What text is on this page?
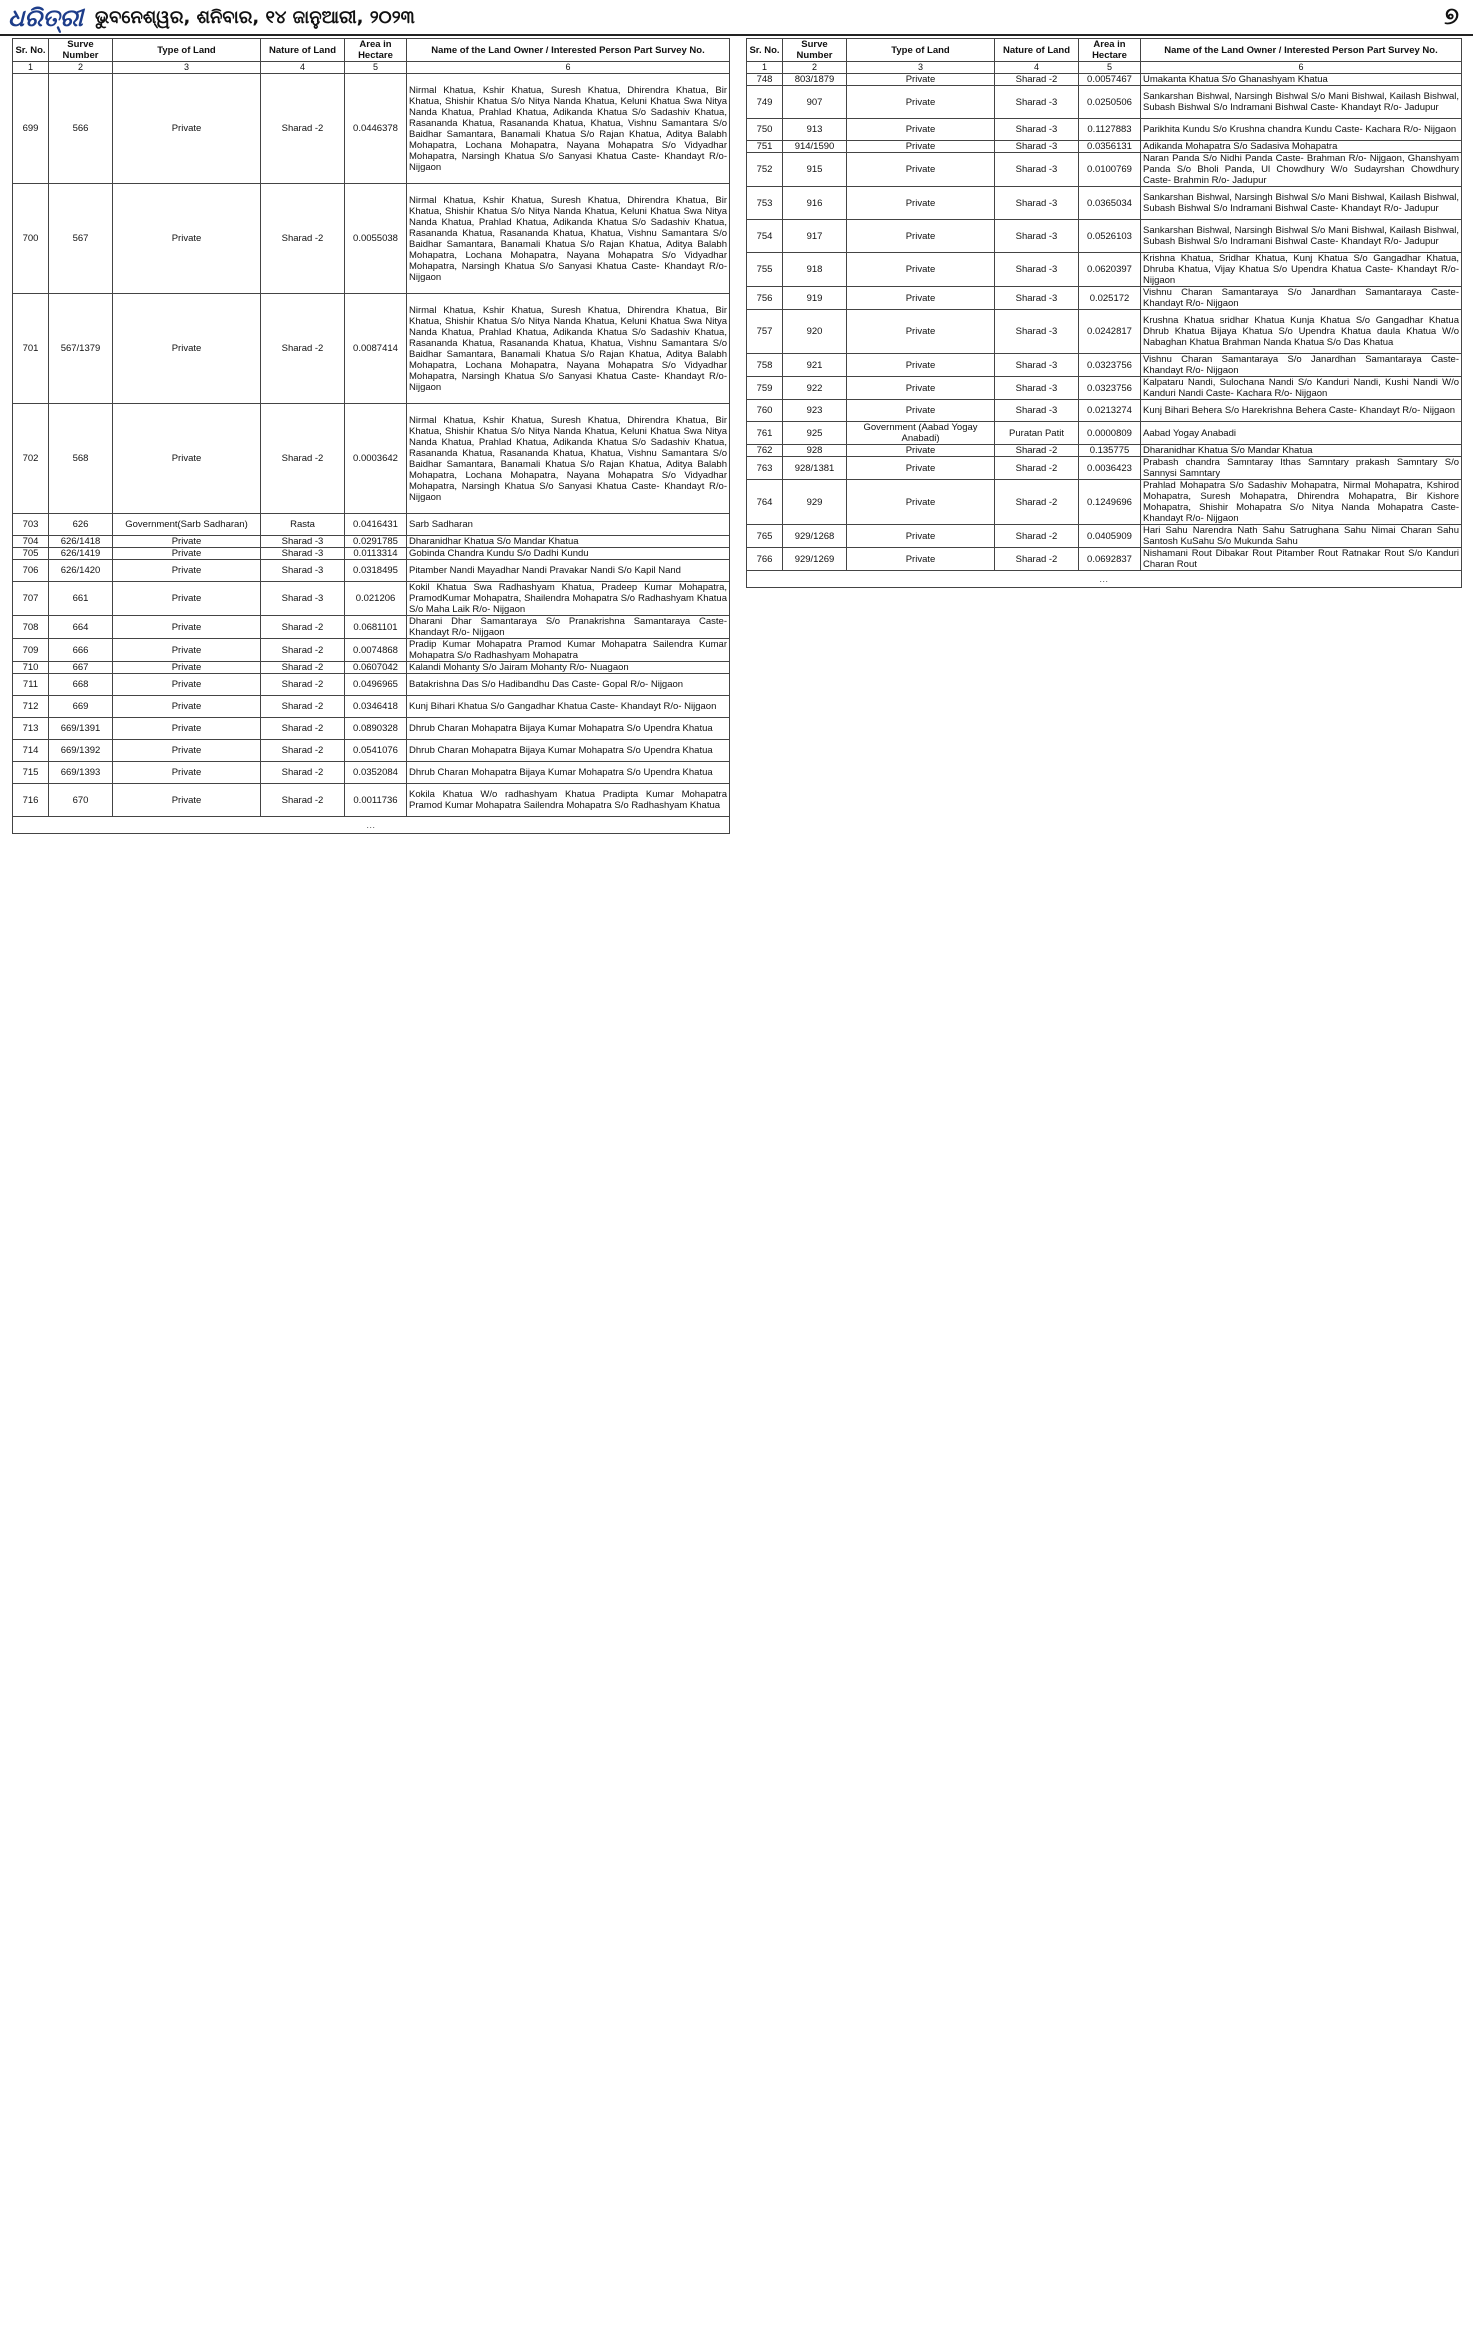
ଧରିତ୍ରୀ ଭୁବନେଶ୍ୱର, ଶନିବାର, ୧୪ ଜାନୁଆରୀ, ୨୦୨୩	୭
Sr. No.	Surve Number	Type of Land	Nature of Land	Area in Hectare	Name of the Land Owner / Interested Person Part Survey No.
1	2	3	4	5	6
699	566	Private	Sharad -2	0.0446378	Nirmal Khatua, Kshir Khatua, Suresh Khatua, Dhirendra Khatua, Bir Khatua, Shishir Khatua S/o Nitya Nanda Khatua, Keluni Khatua Swa Nitya Nanda Khatua, Prahlad Khatua, Adikanda Khatua S/o Sadashiv Khatua, Rasananda Khatua, Rasananda Khatua, Khatua, Vishnu Samantara S/o Baidhar Samantara, Banamali Khatua S/o Rajan Khatua, Aditya Balabh Mohapatra, Lochana Mohapatra, Nayana Mohapatra S/o Vidyadhar Mohapatra, Narsingh Khatua S/o Sanyasi Khatua Caste- Khandayt R/o- Nijgaon
700	567	Private	Sharad -2	0.0055038	Nirmal Khatua, Kshir Khatua, Suresh Khatua, Dhirendra Khatua, Bir Khatua, Shishir Khatua S/o Nitya Nanda Khatua, Keluni Khatua Swa Nitya Nanda Khatua, Prahlad Khatua, Adikanda Khatua S/o Sadashiv Khatua, Rasananda Khatua, Rasananda Khatua, Khatua, Vishnu Samantara S/o Baidhar Samantara, Banamali Khatua S/o Rajan Khatua, Aditya Balabh Mohapatra, Lochana Mohapatra, Nayana Mohapatra S/o Vidyadhar Mohapatra, Narsingh Khatua S/o Sanyasi Khatua Caste- Khandayt R/o- Nijgaon
701	567/1379	Private	Sharad -2	0.0087414	Nirmal Khatua, Kshir Khatua, Suresh Khatua, Dhirendra Khatua, Bir Khatua, Shishir Khatua S/o Nitya Nanda Khatua, Keluni Khatua Swa Nitya Nanda Khatua, Prahlad Khatua, Adikanda Khatua S/o Sadashiv Khatua, Rasananda Khatua, Rasananda Khatua, Khatua, Vishnu Samantara S/o Baidhar Samantara, Banamali Khatua S/o Rajan Khatua, Aditya Balabh Mohapatra, Lochana Mohapatra, Nayana Mohapatra S/o Vidyadhar Mohapatra, Narsingh Khatua S/o Sanyasi Khatua Caste- Khandayt R/o- Nijgaon
702	568	Private	Sharad -2	0.0003642	Nirmal Khatua, Kshir Khatua, Suresh Khatua, Dhirendra Khatua, Bir Khatua, Shishir Khatua S/o Nitya Nanda Khatua, Keluni Khatua Swa Nitya Nanda Khatua, Prahlad Khatua, Adikanda Khatua S/o Sadashiv Khatua, Rasananda Khatua, Rasananda Khatua, Khatua, Vishnu Samantara S/o Baidhar Samantara, Banamali Khatua S/o Rajan Khatua, Aditya Balabh Mohapatra, Lochana Mohapatra, Nayana Mohapatra S/o Vidyadhar Mohapatra, Narsingh Khatua S/o Sanyasi Khatua Caste- Khandayt R/o- Nijgaon
703	626	Government(Sarb Sadharan)	Rasta	0.0416431	Sarb Sadharan
704	626/1418	Private	Sharad -3	0.0291785	Dharanidhar Khatua S/o Mandar Khatua
705	626/1419	Private	Sharad -3	0.0113314	Gobinda Chandra Kundu S/o Dadhi Kundu
706	626/1420	Private	Sharad -3	0.0318495	Pitamber Nandi Mayadhar Nandi Pravakar Nandi S/o Kapil Nand
707	661	Private	Sharad -3	0.021206	Kokil Khatua Swa Radhashyam Khatua, Pradeep Kumar Mohapatra, PramodKumar Mohapatra, Shailendra Mohapatra S/o Radhashyam Khatua S/o Maha Laik R/o- Nijgaon
708	664	Private	Sharad -2	0.0681101	Dharani Dhar Samantaraya S/o Pranakrishna Samantaraya Caste- Khandayt R/o- Nijgaon
709	666	Private	Sharad -2	0.0074868	Pradip Kumar Mohapatra Pramod Kumar Mohapatra Sailendra Kumar Mohapatra S/o Radhashyam Mohapatra
710	667	Private	Sharad -2	0.0607042	Kalandi Mohanty S/o Jairam Mohanty R/o- Nuagaon
711	668	Private	Sharad -2	0.0496965	Batakrishna Das S/o Hadibandhu Das Caste- Gopal R/o- Nijgaon
712	669	Private	Sharad -2	0.0346418	Kunj Bihari Khatua S/o Gangadhar Khatua Caste- Khandayt R/o- Nijgaon
713	669/1391	Private	Sharad -2	0.0890328	Dhrub Charan Mohapatra Bijaya Kumar Mohapatra S/o Upendra Khatua
714	669/1392	Private	Sharad -2	0.0541076	Dhrub Charan Mohapatra Bijaya Kumar Mohapatra S/o Upendra Khatua
715	669/1393	Private	Sharad -2	0.0352084	Dhrub Charan Mohapatra Bijaya Kumar Mohapatra S/o Upendra Khatua
716	670	Private	Sharad -2	0.0011736	Kokila Khatua W/o radhashyam Khatua Pradipta Kumar Mohapatra Pramod Kumar Mohapatra Sailendra Mohapatra S/o Radhashyam Khatua
…					
Sr. No.	Surve Number	Type of Land	Nature of Land	Area in Hectare	Name of the Land Owner / Interested Person Part Survey No.
1	2	3	4	5	6
748	803/1879	Private	Sharad -2	0.0057467	Umakanta Khatua S/o Ghanashyam Khatua
749	907	Private	Sharad -3	0.0250506	Sankarshan Bishwal, Narsingh Bishwal S/o Mani Bishwal, Kailash Bishwal, Subash Bishwal S/o Indramani Bishwal Caste- Khandayt R/o- Jadupur
750	913	Private	Sharad -3	0.1127883	Parikhita Kundu S/o Krushna chandra Kundu Caste- Kachara R/o- Nijgaon
751	914/1590	Private	Sharad -3	0.0356131	Adikanda Mohapatra S/o Sadasiva Mohapatra
752	915	Private	Sharad -3	0.0100769	Naran Panda S/o Nidhi Panda Caste- Brahman R/o- Nijgaon, Ghanshyam Panda S/o Bholi Panda, Ul Chowdhury W/o Sudayrshan Chowdhury Caste- Brahmin R/o- Jadupur
753	916	Private	Sharad -3	0.0365034	Sankarshan Bishwal, Narsingh Bishwal S/o Mani Bishwal, Kailash Bishwal, Subash Bishwal S/o Indramani Bishwal Caste- Khandayt R/o- Jadupur
754	917	Private	Sharad -3	0.0526103	Sankarshan Bishwal, Narsingh Bishwal S/o Mani Bishwal, Kailash Bishwal, Subash Bishwal S/o Indramani Bishwal Caste- Khandayt R/o- Jadupur
755	918	Private	Sharad -3	0.0620397	Krishna Khatua, Sridhar Khatua, Kunj Khatua S/o Gangadhar Khatua, Dhruba Khatua, Vijay Khatua S/o Upendra Khatua Caste- Khandayt R/o- Nijgaon
756	919	Private	Sharad -3	0.025172	Vishnu Charan Samantaraya S/o Janardhan Samantaraya Caste- Khandayt R/o- Nijgaon
757	920	Private	Sharad -3	0.0242817	Krushna Khatua sridhar Khatua Kunja Khatua S/o Gangadhar Khatua Dhrub Khatua Bijaya Khatua S/o Upendra Khatua daula Khatua W/o Nabaghan Khatua Brahman Nanda Khatua S/o Das Khatua
758	921	Private	Sharad -3	0.0323756	Vishnu Charan Samantaraya S/o Janardhan Samantaraya Caste- Khandayt R/o- Nijgaon
759	922	Private	Sharad -3	0.0323756	Kalpataru Nandi, Sulochana Nandi S/o Kanduri Nandi, Kushi Nandi W/o Kanduri Nandi Caste- Kachara R/o- Nijgaon
760	923	Private	Sharad -3	0.0213274	Kunj Bihari Behera S/o Harekrishna Behera Caste- Khandayt R/o- Nijgaon
761	925	Government (Aabad Yogay Anabadi)	Puratan Patit	0.0000809	Aabad Yogay Anabadi
762	928	Private	Sharad -2	0.135775	Dharanidhar Khatua S/o Mandar Khatua
763	928/1381	Private	Sharad -2	0.0036423	Prabash chandra Samntaray Ithas Samntary prakash Samntary S/o Sannysi Samntary
764	929	Private	Sharad -2	0.1249696	Prahlad Mohapatra S/o Sadashiv Mohapatra, Nirmal Mohapatra, Kshirod Mohapatra, Suresh Mohapatra, Dhirendra Mohapatra, Bir Kishore Mohapatra, Shishir Mohapatra S/o Nitya Nanda Mohapatra Caste- Khandayt R/o- Nijgaon
765	929/1268	Private	Sharad -2	0.0405909	Hari Sahu Narendra Nath Sahu Satrughana Sahu Nimai Charan Sahu Santosh KuSahu S/o Mukunda Sahu
766	929/1269	Private	Sharad -2	0.0692837	Nishamani Rout Dibakar Rout Pitamber Rout Ratnakar Rout S/o Kanduri Charan Rout
…					
